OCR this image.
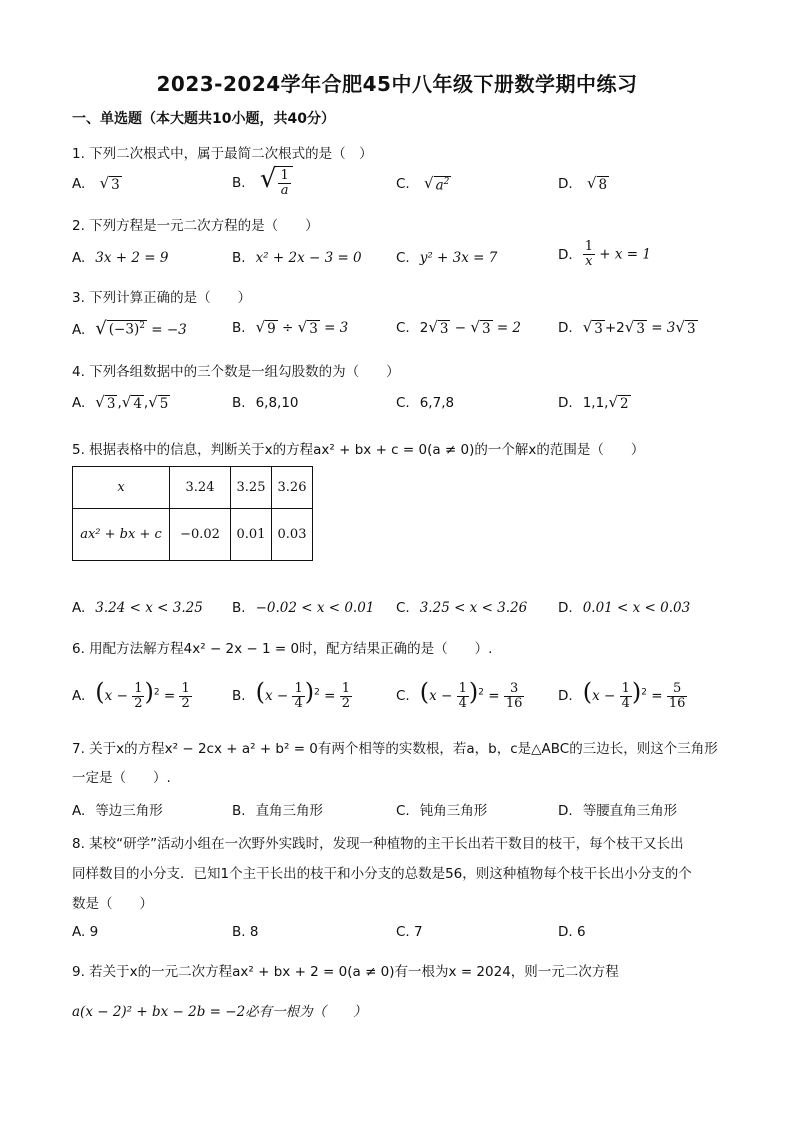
2023-2024学年合肥45中八年级下册数学期中练习
一、单选题（本大题共10小题，共40分）
1. 下列二次根式中，属于最简二次根式的是（　）
A. √ 3	B. √ $\frac{1}{a}$	C. √ $a^2$	D. √ 8
2. 下列方程是一元二次方程的是（　　）
A. 3x + 2 = 9	B. x² + 2x − 3 = 0	C. y² + 3x = 7	D. $\frac{1}{x} + x = 1$
3. 下列计算正确的是（　　）
A. √ $(-3)^2 = -3$	B. √ 9 ÷ √ 3 = 3	C. 2 √ 3 − √ 3 = 2	D. √ 3 +2 √ 3 = 3 √ 3
4. 下列各组数据中的三个数是一组勾股数的为（　　）
A. √ 3 , √ 4 , √ 5	B. 6,8,10	C. 6,7,8	D. 1,1, √ 2
5. 根据表格中的信息，判断关于x的方程ax² + bx + c = 0(a ≠ 0)的一个解x的范围是（　　）
x	3.24	3.25	3.26
ax² + bx + c	−0.02	0.01	0.03
A. 3.24 < x < 3.25 B. −0.02 < x < 0.01 C. 3.25 < x < 3.26 D. 0.01 < x < 0.03
6. 用配方法解方程4x² − 2x − 1 = 0时，配方结果正确的是（　　）.
A. $(x - \frac{1}{2} )^2 = \frac{1}{2}$	B. $(x - \frac{1}{4} )^2 = \frac{1}{2}$	C. $(x - \frac{1}{4} )^2 = \frac{3}{16} D$. $(x - \frac{1}{4} )^2 = \frac{5}{16}$
7. 关于x的方程x² − 2cx + a² + b² = 0有两个相等的实数根，若a，b，c是△ABC的三边长，则这个三角形
一定是（　　）.
A. 等边三角形	B. 直角三角形	C. 钝角三角形	D. 等腰直角三角形
8. 某校“研学”活动小组在一次野外实践时，发现一种植物的主干长出若干数目的枝干，每个枝干又长出
同样数目的小分支．已知1个主干长出的枝干和小分支的总数是56，则这种植物每个枝干长出小分支的个
数是（　　）
A. 9	B. 8	C. 7	D. 6
9. 若关于x的一元二次方程ax² + bx + 2 = 0(a ≠ 0)有一根为x = 2024，则一元二次方程
a(x − 2)² + bx − 2b = −2必有一根为（　　）
